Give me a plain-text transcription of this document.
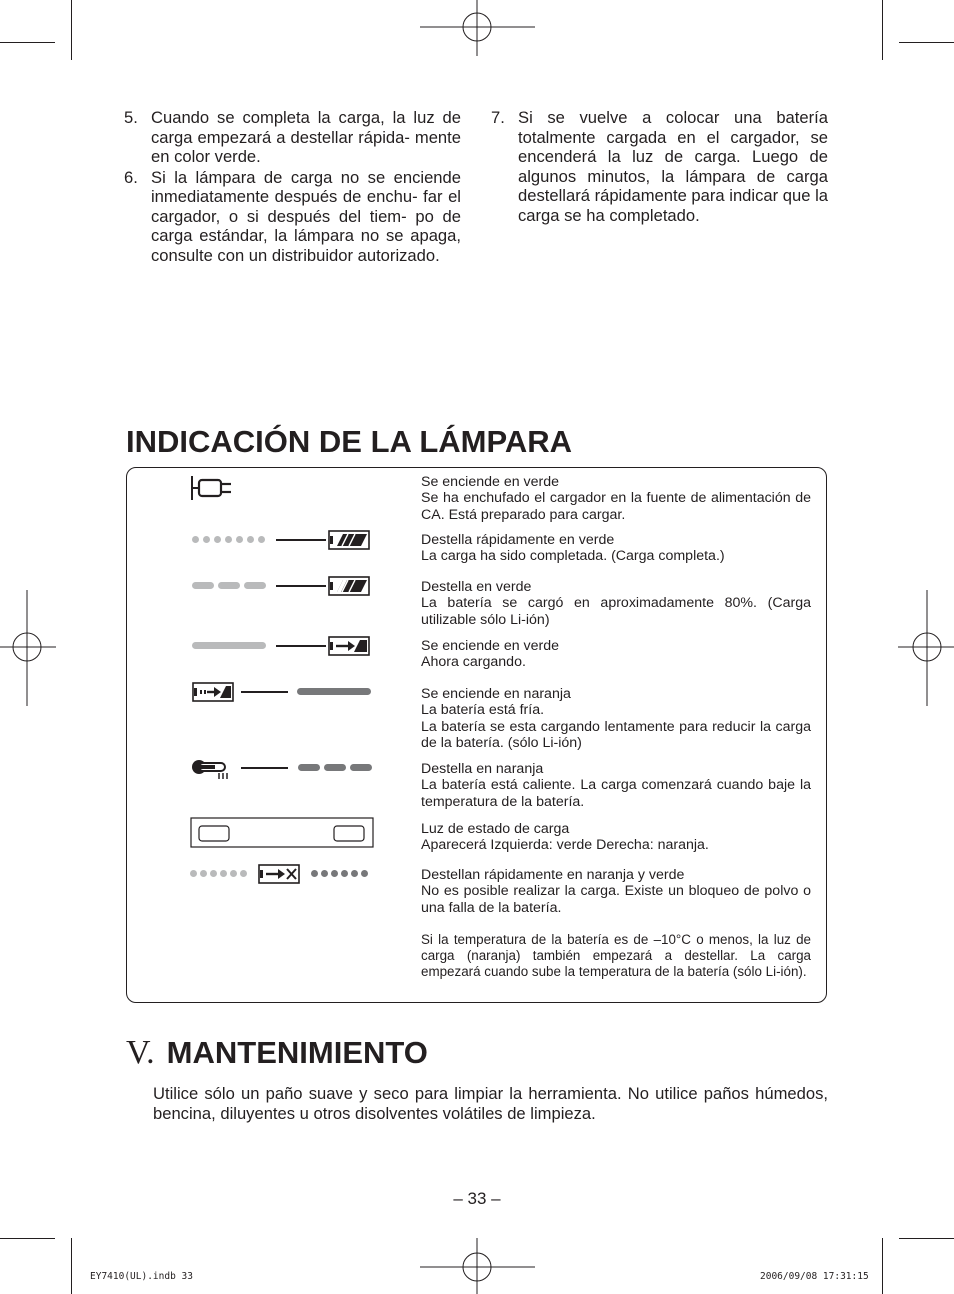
5. Cuando se completa la carga, la luz de carga empezará a destellar rápida- mente en color verde.
6. Si la lámpara de carga no se enciende inmediatamente después de enchu- far el cargador, o si después del tiem- po de carga estándar, la lámpara no se apaga, consulte con un distribuidor autorizado.
7. Si se vuelve a colocar una batería totalmente cargada en el cargador, se encenderá la luz de carga. Luego de algunos minutos, la lámpara de carga destellará rápidamente para indicar que la carga se ha completado.
INDICACIÓN DE LA LÁMPARA
Se enciende en verde
Se ha enchufado el cargador en la fuente de alimentación de CA. Está preparado para cargar.
Destella rápidamente en verde
La carga ha sido completada. (Carga completa.)
Destella en verde
La batería se cargó en aproximadamente 80%. (Carga utilizable sólo Li-ión)
Se enciende en verde
Ahora cargando.
Se enciende en naranja
La batería está fría.
La batería se esta cargando lentamente para reducir la carga de la batería. (sólo Li-ión)
Destella en naranja
La batería está caliente. La carga comenzará cuando baje la temperatura de la batería.
Luz de estado de carga
Aparecerá Izquierda: verde Derecha: naranja.
Destellan rápidamente en naranja y verde
No es posible realizar la carga. Existe un bloqueo de polvo o una falla de la batería.
Si la temperatura de la batería es de –10°C o menos, la luz de carga (naranja) también empezará a destellar. La carga empezará cuando sube la temperatura de la batería (sólo Li-ión).
V. MANTENIMIENTO
Utilice sólo un paño suave y seco para limpiar la herramienta. No utilice paños húmedos, bencina, diluyentes u otros disolventes volátiles de limpieza.
– 33 –
EY7410(UL).indb 33	2006/09/08 17:31:15
